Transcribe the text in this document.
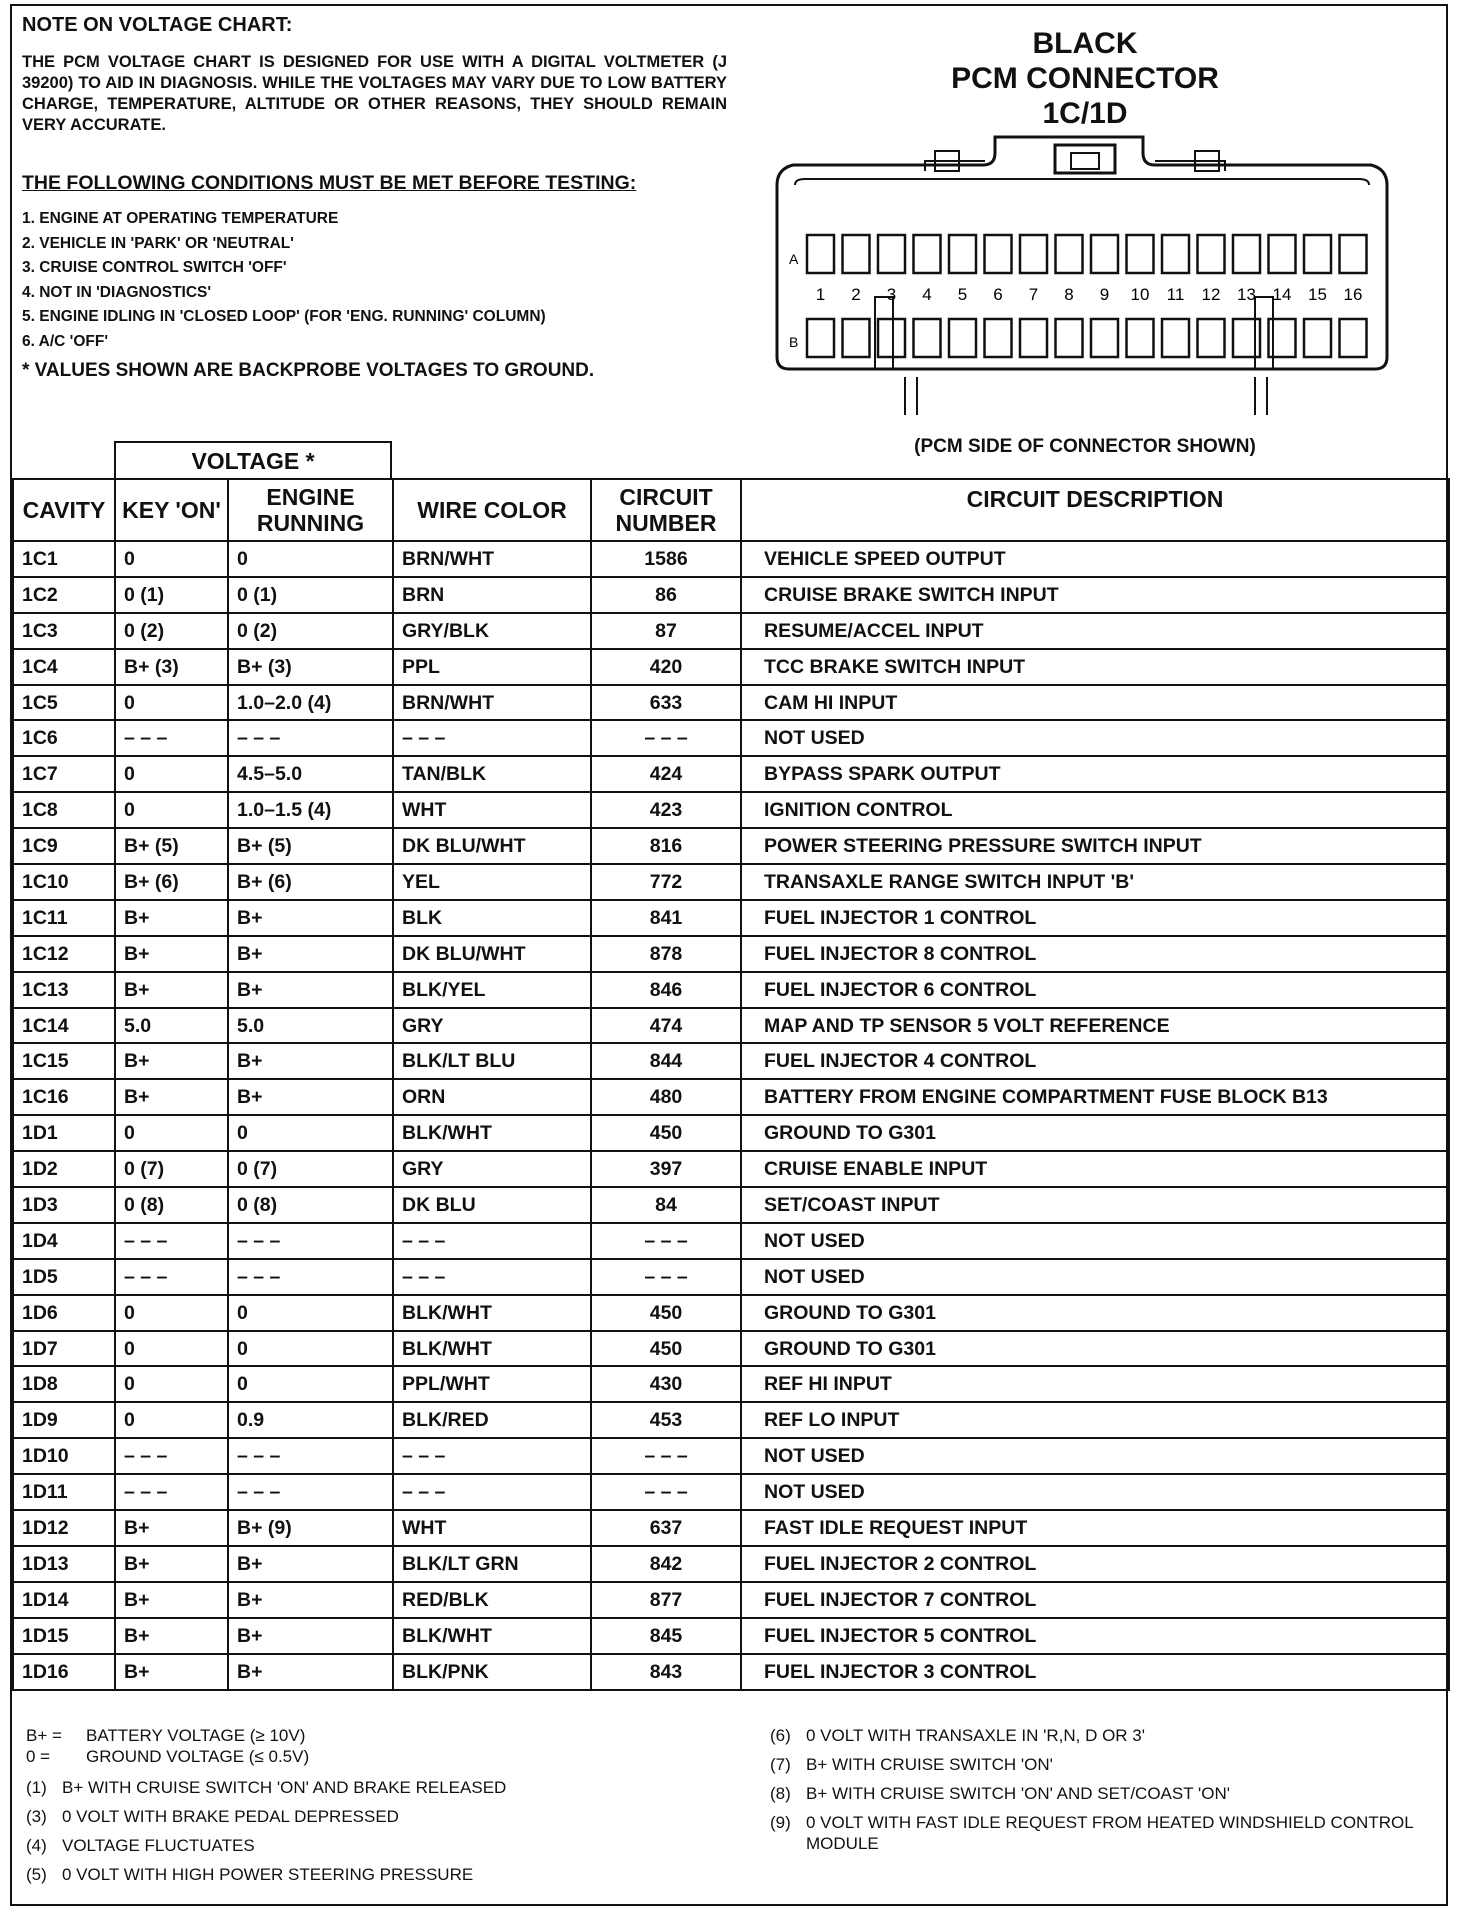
NOTE ON VOLTAGE CHART:
THE PCM VOLTAGE CHART IS DESIGNED FOR USE WITH A DIGITAL VOLTMETER (J 39200) TO AID IN DIAGNOSIS. WHILE THE VOLTAGES MAY VARY DUE TO LOW BATTERY CHARGE, TEMPERATURE, ALTITUDE OR OTHER REASONS, THEY SHOULD REMAIN VERY ACCURATE.
THE FOLLOWING CONDITIONS MUST BE MET BEFORE TESTING:
1. ENGINE AT OPERATING TEMPERATURE
2. VEHICLE IN 'PARK' OR 'NEUTRAL'
3. CRUISE CONTROL SWITCH 'OFF'
4. NOT IN 'DIAGNOSTICS'
5. ENGINE IDLING IN 'CLOSED LOOP' (FOR 'ENG. RUNNING' COLUMN)
6. A/C 'OFF'
* VALUES SHOWN ARE BACKPROBE VOLTAGES TO GROUND.
BLACK
PCM CONNECTOR
1C/1D
A
B
1 2 3 4 5 6 7 8 9 10 11 12 13 14 15 16
(PCM SIDE OF CONNECTOR SHOWN)
VOLTAGE *
CAVITY	KEY 'ON'	ENGINE RUNNING	WIRE COLOR	CIRCUIT NUMBER	CIRCUIT DESCRIPTION
1C1	0	0	BRN/WHT	1586	VEHICLE SPEED OUTPUT
1C2	0 (1)	0 (1)	BRN	86	CRUISE BRAKE SWITCH INPUT
1C3	0 (2)	0 (2)	GRY/BLK	87	RESUME/ACCEL INPUT
1C4	B+ (3)	B+ (3)	PPL	420	TCC BRAKE SWITCH INPUT
1C5	0	1.0–2.0 (4)	BRN/WHT	633	CAM HI INPUT
1C6	– – –	– – –	– – –	– – –	NOT USED
1C7	0	4.5–5.0	TAN/BLK	424	BYPASS SPARK OUTPUT
1C8	0	1.0–1.5 (4)	WHT	423	IGNITION CONTROL
1C9	B+ (5)	B+ (5)	DK BLU/WHT	816	POWER STEERING PRESSURE SWITCH INPUT
1C10	B+ (6)	B+ (6)	YEL	772	TRANSAXLE RANGE SWITCH INPUT 'B'
1C11	B+	B+	BLK	841	FUEL INJECTOR 1 CONTROL
1C12	B+	B+	DK BLU/WHT	878	FUEL INJECTOR 8 CONTROL
1C13	B+	B+	BLK/YEL	846	FUEL INJECTOR 6 CONTROL
1C14	5.0	5.0	GRY	474	MAP AND TP SENSOR 5 VOLT REFERENCE
1C15	B+	B+	BLK/LT BLU	844	FUEL INJECTOR 4 CONTROL
1C16	B+	B+	ORN	480	BATTERY FROM ENGINE COMPARTMENT FUSE BLOCK B13
1D1	0	0	BLK/WHT	450	GROUND TO G301
1D2	0 (7)	0 (7)	GRY	397	CRUISE ENABLE INPUT
1D3	0 (8)	0 (8)	DK BLU	84	SET/COAST INPUT
1D4	– – –	– – –	– – –	– – –	NOT USED
1D5	– – –	– – –	– – –	– – –	NOT USED
1D6	0	0	BLK/WHT	450	GROUND TO G301
1D7	0	0	BLK/WHT	450	GROUND TO G301
1D8	0	0	PPL/WHT	430	REF HI INPUT
1D9	0	0.9	BLK/RED	453	REF LO INPUT
1D10	– – –	– – –	– – –	– – –	NOT USED
1D11	– – –	– – –	– – –	– – –	NOT USED
1D12	B+	B+ (9)	WHT	637	FAST IDLE REQUEST INPUT
1D13	B+	B+	BLK/LT GRN	842	FUEL INJECTOR 2 CONTROL
1D14	B+	B+	RED/BLK	877	FUEL INJECTOR 7 CONTROL
1D15	B+	B+	BLK/WHT	845	FUEL INJECTOR 5 CONTROL
1D16	B+	B+	BLK/PNK	843	FUEL INJECTOR 3 CONTROL
B+ =	BATTERY VOLTAGE (≥ 10V)
0 =	GROUND VOLTAGE (≤ 0.5V)

(1) B+ WITH CRUISE SWITCH 'ON' AND BRAKE RELEASED

(3) 0 VOLT WITH BRAKE PEDAL DEPRESSED

(4) VOLTAGE FLUCTUATES

(5) 0 VOLT WITH HIGH POWER STEERING PRESSURE

(6) 0 VOLT WITH TRANSAXLE IN 'R,N, D OR 3'

(7) B+ WITH CRUISE SWITCH 'ON'

(8) B+ WITH CRUISE SWITCH 'ON' AND SET/COAST 'ON'

(9) 0 VOLT WITH FAST IDLE REQUEST FROM HEATED WINDSHIELD CONTROL MODULE
